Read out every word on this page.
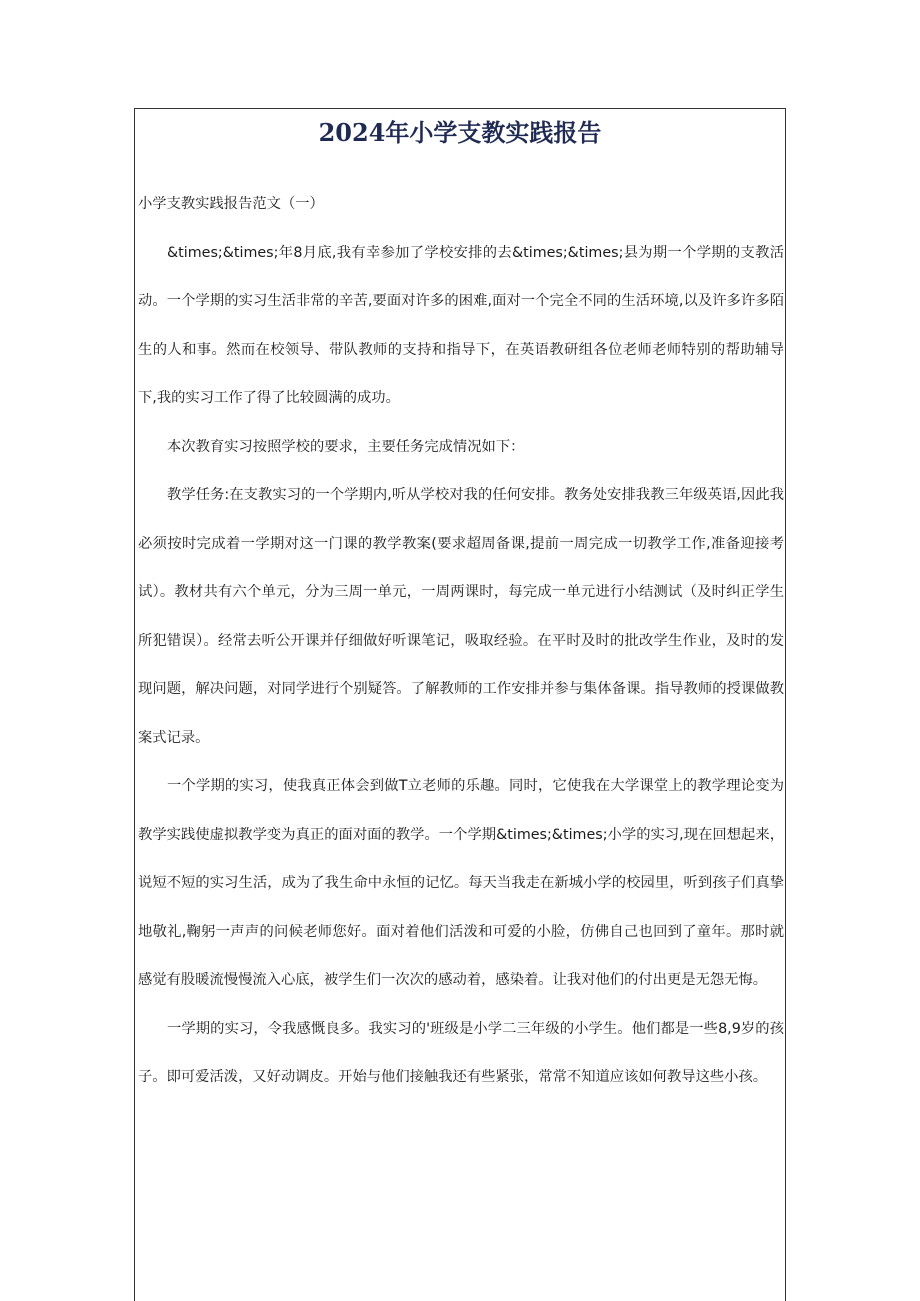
2024年小学支教实践报告

小学支教实践报告范文（一）

&times;&times;年8月底,我有幸参加了学校安排的去&times;&times;县为期一个学期的支教活动。一个学期的实习生活非常的辛苦,要面对许多的困难,面对一个完全不同的生活环境,以及许多许多陌生的人和事。然而在校领导、带队教师的支持和指导下，在英语教研组各位老师老师特别的帮助辅导下,我的实习工作了得了比较圆满的成功。

本次教育实习按照学校的要求，主要任务完成情况如下：

教学任务:在支教实习的一个学期内,听从学校对我的任何安排。教务处安排我教三年级英语,因此我必须按时完成着一学期对这一门课的教学教案(要求超周备课,提前一周完成一切教学工作,准备迎接考试）。教材共有六个单元，分为三周一单元，一周两课时，每完成一单元进行小结测试（及时纠正学生所犯错误）。经常去听公开课并仔细做好听课笔记，吸取经验。在平时及时的批改学生作业，及时的发现问题，解决问题，对同学进行个别疑答。了解教师的工作安排并参与集体备课。指导教师的授课做教案式记录。

一个学期的实习，使我真正体会到做T立老师的乐趣。同时，它使我在大学课堂上的教学理论变为教学实践使虚拟教学变为真正的面对面的教学。一个学期&times;&times;小学的实习,现在回想起来，说短不短的实习生活，成为了我生命中永恒的记忆。每天当我走在新城小学的校园里，听到孩子们真挚地敬礼,鞠躬一声声的问候老师您好。面对着他们活泼和可爱的小脸，仿佛自己也回到了童年。那时就感觉有股暖流慢慢流入心底，被学生们一次次的感动着，感染着。让我对他们的付出更是无怨无悔。

一学期的实习，令我感慨良多。我实习的'班级是小学二三年级的小学生。他们都是一些8,9岁的孩子。即可爱活泼，又好动调皮。开始与他们接触我还有些紧张，常常不知道应该如何教导这些小孩。
